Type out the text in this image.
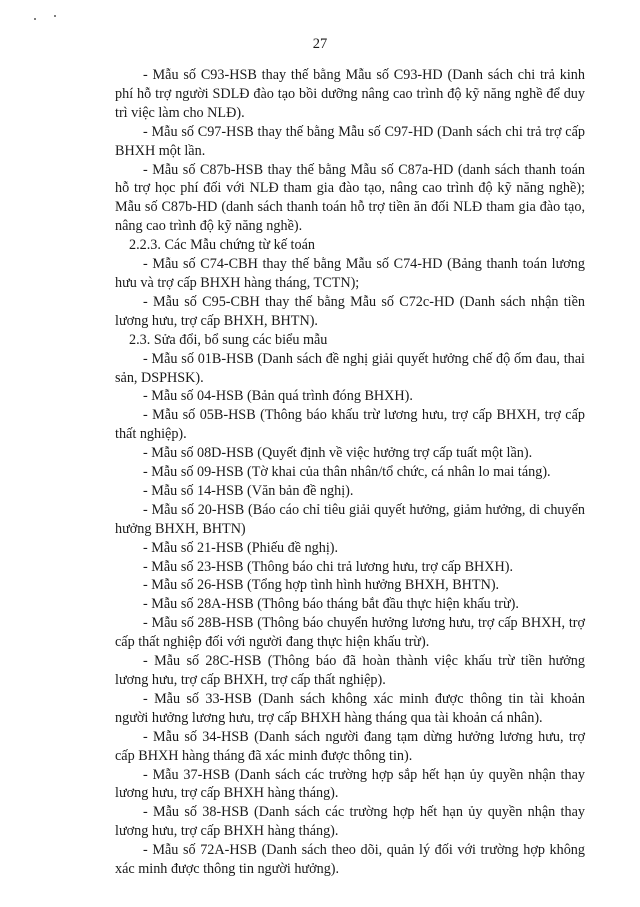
27

- Mẫu số C93-HSB thay thế bằng Mẫu số C93-HD (Danh sách chi trả kinh phí hỗ trợ người SDLĐ đào tạo bồi dưỡng nâng cao trình độ kỹ năng nghề để duy trì việc làm cho NLĐ).

- Mẫu số C97-HSB thay thế bằng Mẫu số C97-HD (Danh sách chi trả trợ cấp BHXH một lần.

- Mẫu số C87b-HSB thay thế bằng Mẫu số C87a-HD (danh sách thanh toán hỗ trợ học phí đối với NLĐ tham gia đào tạo, nâng cao trình độ kỹ năng nghề); Mẫu số C87b-HD (danh sách thanh toán hỗ trợ tiền ăn đối NLĐ tham gia đào tạo, nâng cao trình độ kỹ năng nghề).

2.2.3. Các Mẫu chứng từ kế toán

- Mẫu số C74-CBH thay thế bằng Mẫu số C74-HD (Bảng thanh toán lương hưu và trợ cấp BHXH hàng tháng, TCTN);

- Mẫu số C95-CBH thay thế bằng Mẫu số C72c-HD (Danh sách nhận tiền lương hưu, trợ cấp BHXH, BHTN).

2.3. Sửa đổi, bổ sung các biểu mẫu

- Mẫu số 01B-HSB (Danh sách đề nghị giải quyết hưởng chế độ ốm đau, thai sản, DSPHSK).

- Mẫu số 04-HSB (Bản quá trình đóng BHXH).

- Mẫu số 05B-HSB (Thông báo khấu trừ lương hưu, trợ cấp BHXH, trợ cấp thất nghiệp).

- Mẫu số 08D-HSB (Quyết định về việc hưởng trợ cấp tuất một lần).

- Mẫu số 09-HSB (Tờ khai của thân nhân/tổ chức, cá nhân lo mai táng).

- Mẫu số 14-HSB (Văn bản đề nghị).

- Mẫu số 20-HSB (Báo cáo chỉ tiêu giải quyết hưởng, giảm hưởng, di chuyển hưởng BHXH, BHTN)

- Mẫu số 21-HSB (Phiếu đề nghị).

- Mẫu số 23-HSB (Thông báo chi trả lương hưu, trợ cấp BHXH).

- Mẫu số 26-HSB (Tổng hợp tình hình hưởng BHXH, BHTN).

- Mẫu số 28A-HSB (Thông báo tháng bắt đầu thực hiện khấu trừ).

- Mẫu số 28B-HSB (Thông báo chuyển hưởng lương hưu, trợ cấp BHXH, trợ cấp thất nghiệp đối với người đang thực hiện khấu trừ).

- Mẫu số 28C-HSB (Thông báo đã hoàn thành việc khấu trừ tiền hưởng lương hưu, trợ cấp BHXH, trợ cấp thất nghiệp).

- Mẫu số 33-HSB (Danh sách không xác minh được thông tin tài khoản người hưởng lương hưu, trợ cấp BHXH hàng tháng qua tài khoản cá nhân).

- Mẫu số 34-HSB (Danh sách người đang tạm dừng hưởng lương hưu, trợ cấp BHXH hàng tháng đã xác minh được thông tin).

- Mẫu 37-HSB (Danh sách các trường hợp sắp hết hạn ủy quyền nhận thay lương hưu, trợ cấp BHXH hàng tháng).

- Mẫu số 38-HSB (Danh sách các trường hợp hết hạn ủy quyền nhận thay lương hưu, trợ cấp BHXH hàng tháng).

- Mẫu số 72A-HSB (Danh sách theo dõi, quản lý đối với trường hợp không xác minh được thông tin người hưởng).
